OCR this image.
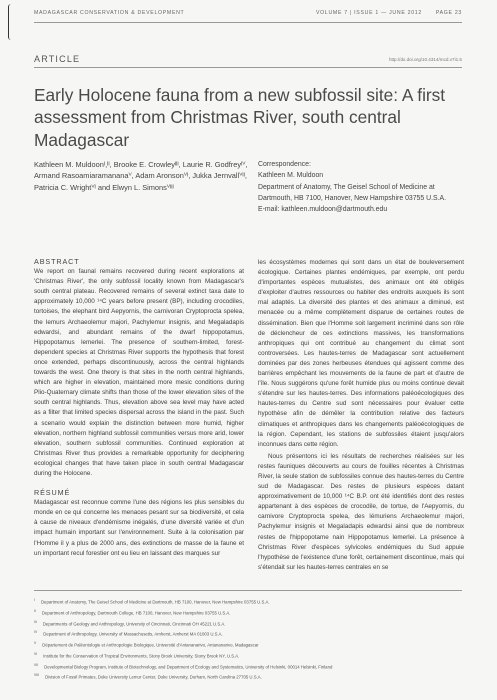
MADAGASCAR CONSERVATION & DEVELOPMENT	VOLUME 7 | ISSUE 1 — JUNE 2012	PAGE 23
ARTICLE	http://dx.doi.org/10.4314/mcd.v7i1.5
Early Holocene fauna from a new subfossil site: A first assessment from Christmas River, south central Madagascar
Kathleen M. Muldoonᴵ,ᴵᴵ, Brooke E. Crowleyᴵᴵᴵ, Laurie R. Godfreyᴵⱽ, Armand Rasoamiaramananaⱽ, Adam Aronsonⱽᴵ, Jukka Jernvallⱽᴵᴵ, Patricia C. Wrightⱽᴵ and Elwyn L. Simonsⱽᴵᴵᴵ
Correspondence:
Kathleen M. Muldoon
Department of Anatomy, The Geisel School of Medicine at Dartmouth, HB 7100, Hanover, New Hampshire 03755 U.S.A.
E-mail: kathleen.muldoon@dartmouth.edu
ABSTRACT

We report on faunal remains recovered during recent explorations at 'Christmas River', the only subfossil locality known from Madagascar's south central plateau. Recovered remains of several extinct taxa date to approximately 10,000 ¹⁴C years before present (BP), including crocodiles, tortoises, the elephant bird Aepyornis, the carnivoran Cryptoprocta spelea, the lemurs Archaeolemur majori, Pachylemur insignis, and Megaladapis edwardsi, and abundant remains of the dwarf hippopotamus, Hippopotamus lemerlei. The presence of southern-limited, forest-dependent species at Christmas River supports the hypothesis that forest once extended, perhaps discontinuously, across the central highlands towards the west. One theory is that sites in the north central highlands, which are higher in elevation, maintained more mesic conditions during Plio-Quaternary climate shifts than those of the lower elevation sites of the south central highlands. Thus, elevation above sea level may have acted as a filter that limited species dispersal across the island in the past. Such a scenario would explain the distinction between more humid, higher elevation, northern highland subfossil communities versus more arid, lower elevation, southern subfossil communities. Continued exploration at Christmas River thus provides a remarkable opportunity for deciphering ecological changes that have taken place in south central Madagascar during the Holocene.

RÉSUMÉ

Madagascar est reconnue comme l'une des régions les plus sensibles du monde en ce qui concerne les menaces pesant sur sa biodiversité, et cela à cause de niveaux d'endémisme inégalés, d'une diversité variée et d'un impact humain important sur l'environnement. Suite à la colonisation par l'Homme il y a plus de 2000 ans, des extinctions de masse de la faune et un important recul forestier ont eu lieu en laissant des marques sur

les écosystèmes modernes qui sont dans un état de bouleversement écologique. Certaines plantes endémiques, par exemple, ont perdu d'importantes espèces mutualistes, des animaux ont été obligés d'exploiter d'autres ressources ou habiter des endroits auxquels ils sont mal adaptés. La diversité des plantes et des animaux a diminué, est menacée ou a même complètement disparue de certaines routes de dissémination. Bien que l'Homme soit largement incriminé dans son rôle de déclencheur de ces extinctions massives, les transformations anthropiques qui ont contribué au changement du climat sont controversées. Les hautes-terres de Madagascar sont actuellement dominées par des zones herbeuses étendues qui agissent comme des barrières empêchant les mouvements de la faune de part et d'autre de l'île. Nous suggérons qu'une forêt humide plus ou moins continue devait s'étendre sur les hautes-terres. Des informations paléoécologiques des hautes-terres du Centre sud sont nécessaires pour évaluer cette hypothèse afin de démêler la contribution relative des facteurs climatiques et anthropiques dans les changements paléoécologiques de la région. Cependant, les stations de subfossiles étaient jusqu'alors inconnues dans cette région.

Nous présentons ici les résultats de recherches réalisées sur les restes fauniques découverts au cours de fouilles récentes à Christmas River, la seule station de subfossiles connue des hautes-terres du Centre sud de Madagascar. Des restes de plusieurs espèces datant approximativement de 10,000 ¹⁴C B.P. ont été identifiés dont des restes appartenant à des espèces de crocodile, de tortue, de l'Aepyornis, du carnivore Cryptoprocta spelea, des lémuriens Archaeolemur majori, Pachylemur insignis et Megaladapis edwardsi ainsi que de nombreux restes de l'hippopotame nain Hippopotamus lemerlei. La présence à Christmas River d'espèces sylvicoles endémiques du Sud appuie l'hypothèse de l'existence d'une forêt, certainement discontinue, mais qui s'étendait sur les hautes-terres centrales en se

$^I$ Department of Anatomy, The Geisel School of Medicine at Dartmouth, HB 7100, Hanover, New Hampshire 03755 U.S.A.
$^{II}$ Department of Anthropology, Dartmouth College, HB 7100, Hanover, New Hampshire 03755 U.S.A.
$^{III}$ Departments of Geology and Anthropology, University of Cincinnati, Cincinnati OH 45221 U.S.A.
$^{IV}$ Department of Anthropology, University of Massachusetts, Amherst, Amherst MA 01003 U.S.A.
$^V$ Département de Paléontologie et Anthropologie Biologique, Université d'Antananarivo, Antananarivo, Madagascar
$^{VI}$ Institute for the Conservation of Tropical Environments, Stony Brook University, Stony Brook NY, U.S.A.
$^{VII}$ Developmental Biology Program, Institute of Biotechnology, and Department of Ecology and Systematics, University of Helsinki, 00014 Helsinki, Finland
$^{VIII}$ Division of Fossil Primates, Duke University Lemur Center, Duke University, Durham, North Carolina 27705 U.S.A.
